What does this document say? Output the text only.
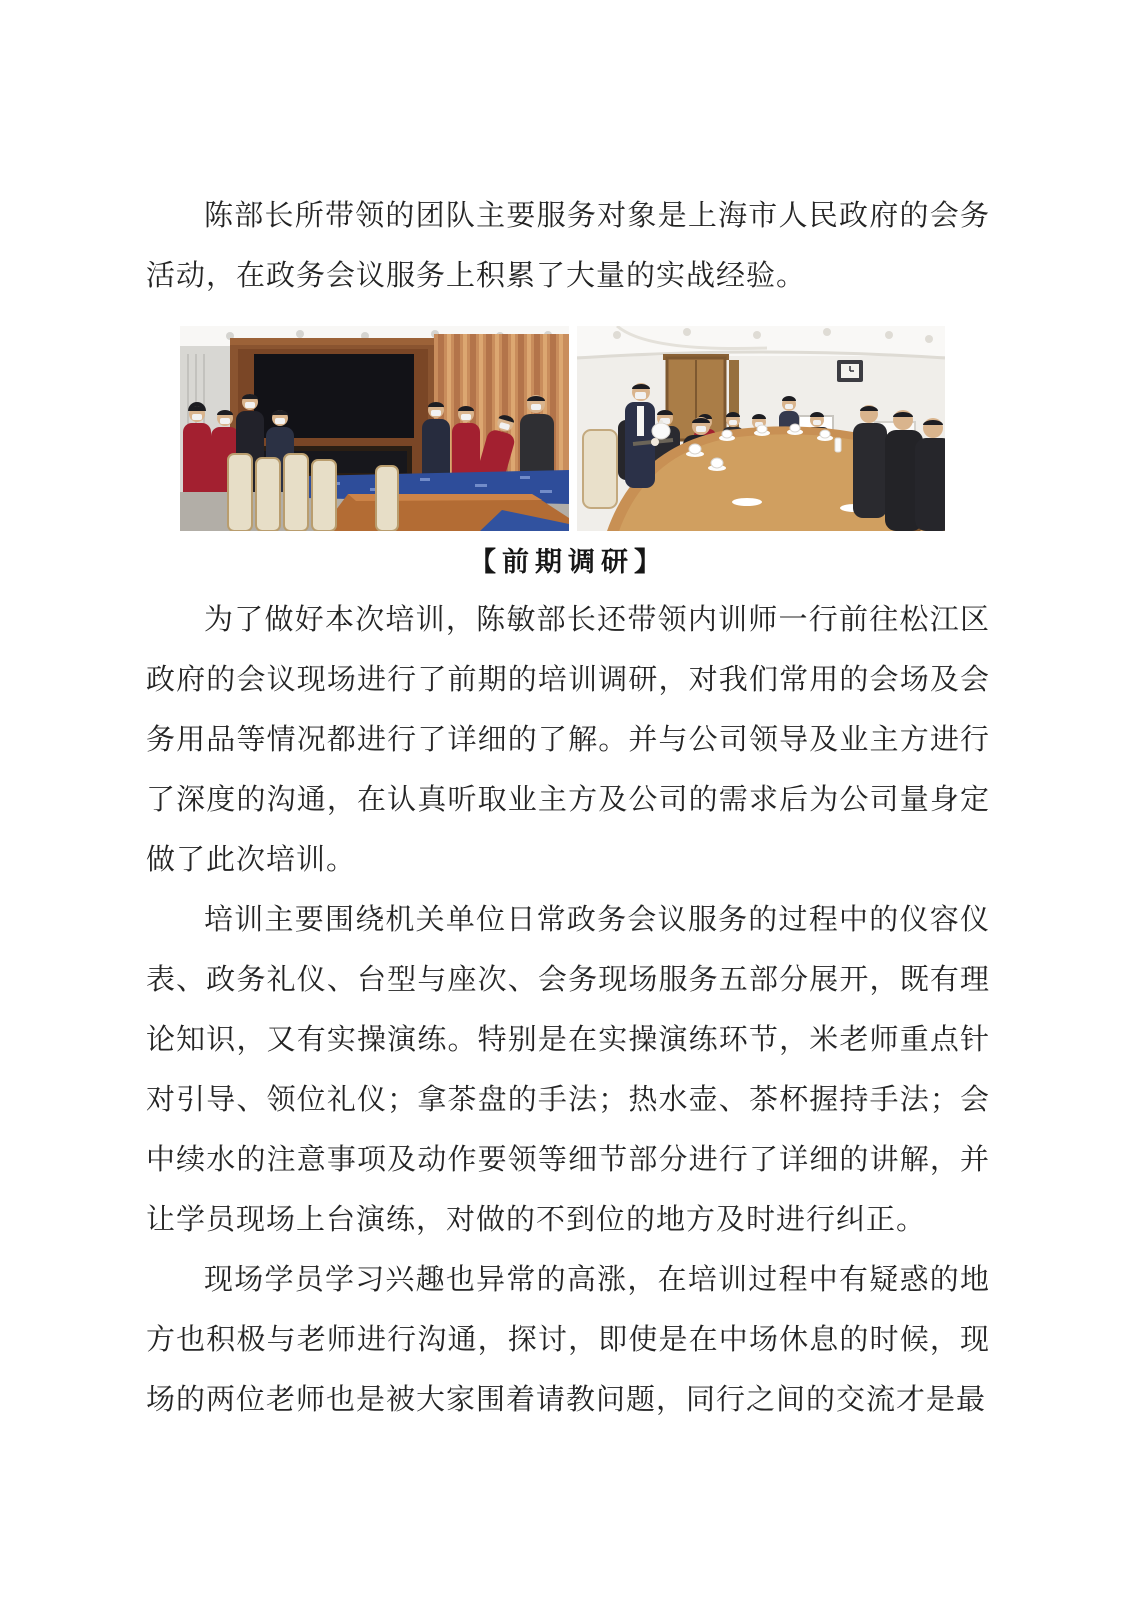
陈部长所带领的团队主要服务对象是上海市人民政府的会务活动，在政务会议服务上积累了大量的实战经验。

【前期调研】

为了做好本次培训，陈敏部长还带领内训师一行前往松江区政府的会议现场进行了前期的培训调研，对我们常用的会场及会务用品等情况都进行了详细的了解。并与公司领导及业主方进行了深度的沟通，在认真听取业主方及公司的需求后为公司量身定做了此次培训。

培训主要围绕机关单位日常政务会议服务的过程中的仪容仪表、政务礼仪、台型与座次、会务现场服务五部分展开，既有理论知识，又有实操演练。特别是在实操演练环节，米老师重点针对引导、领位礼仪；拿茶盘的手法；热水壶、茶杯握持手法；会中续水的注意事项及动作要领等细节部分进行了详细的讲解，并让学员现场上台演练，对做的不到位的地方及时进行纠正。

现场学员学习兴趣也异常的高涨，在培训过程中有疑惑的地方也积极与老师进行沟通，探讨，即使是在中场休息的时候，现场的两位老师也是被大家围着请教问题，同行之间的交流才是最
